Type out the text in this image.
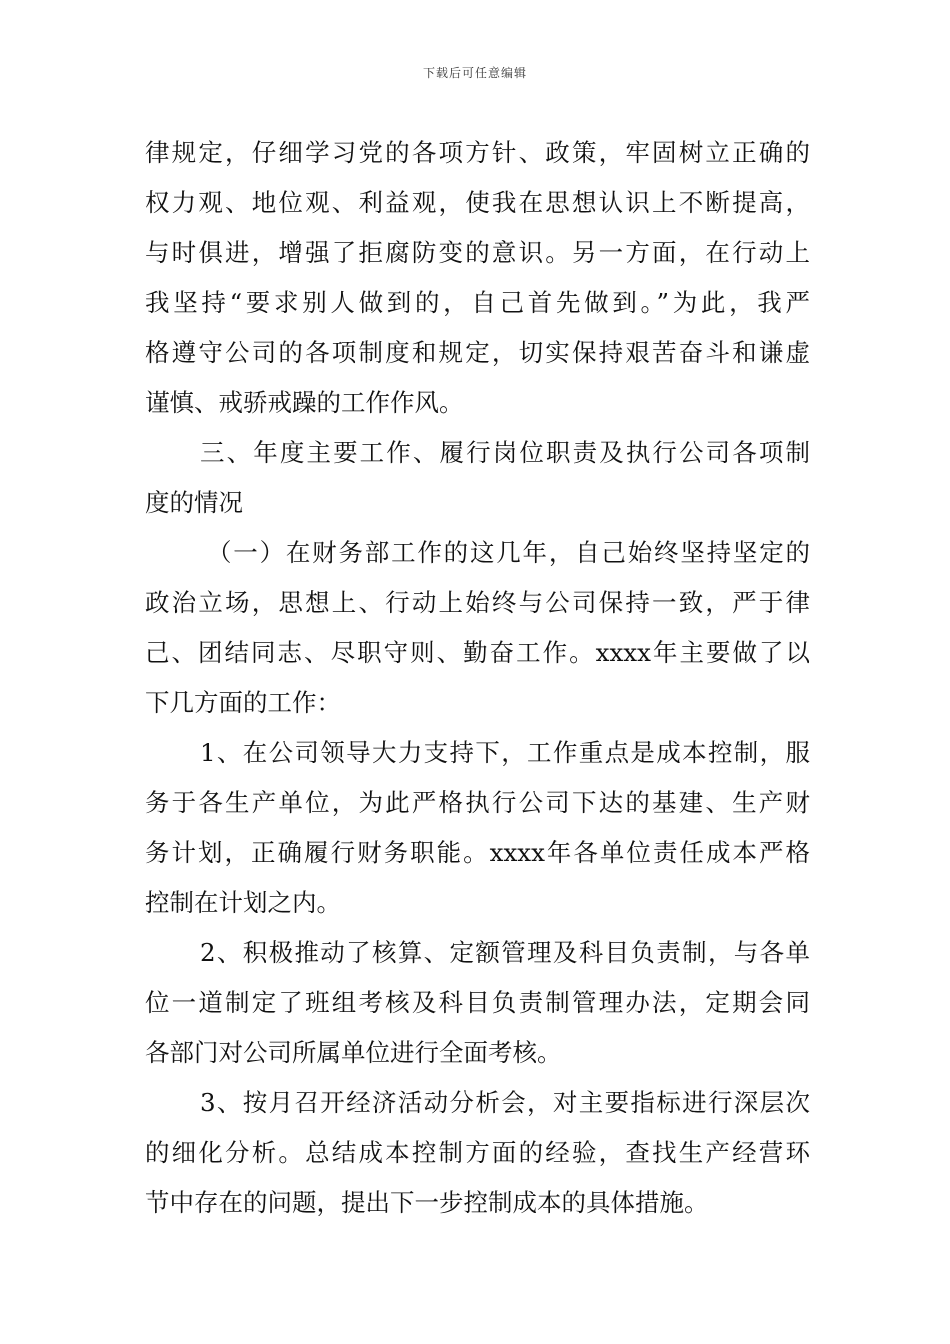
下载后可任意编辑
律规定，仔细学习党的各项方针、政策，牢固树立正确的
权力观、地位观、利益观，使我在思想认识上不断提高，
与时俱进，增强了拒腐防变的意识。另一方面，在行动上
我坚持“要求别人做到的，自己首先做到。”为此，我严
格遵守公司的各项制度和规定，切实保持艰苦奋斗和谦虚
谨慎、戒骄戒躁的工作作风。
三、年度主要工作、履行岗位职责及执行公司各项制
度的情况
（一）在财务部工作的这几年，自己始终坚持坚定的
政治立场，思想上、行动上始终与公司保持一致，严于律
己、团结同志、尽职守则、勤奋工作。xxxx年主要做了以
下几方面的工作：
1、在公司领导大力支持下，工作重点是成本控制，服
务于各生产单位，为此严格执行公司下达的基建、生产财
务计划，正确履行财务职能。xxxx年各单位责任成本严格
控制在计划之内。
2、积极推动了核算、定额管理及科目负责制，与各单
位一道制定了班组考核及科目负责制管理办法，定期会同
各部门对公司所属单位进行全面考核。
3、按月召开经济活动分析会，对主要指标进行深层次
的细化分析。总结成本控制方面的经验，查找生产经营环
节中存在的问题，提出下一步控制成本的具体措施。
